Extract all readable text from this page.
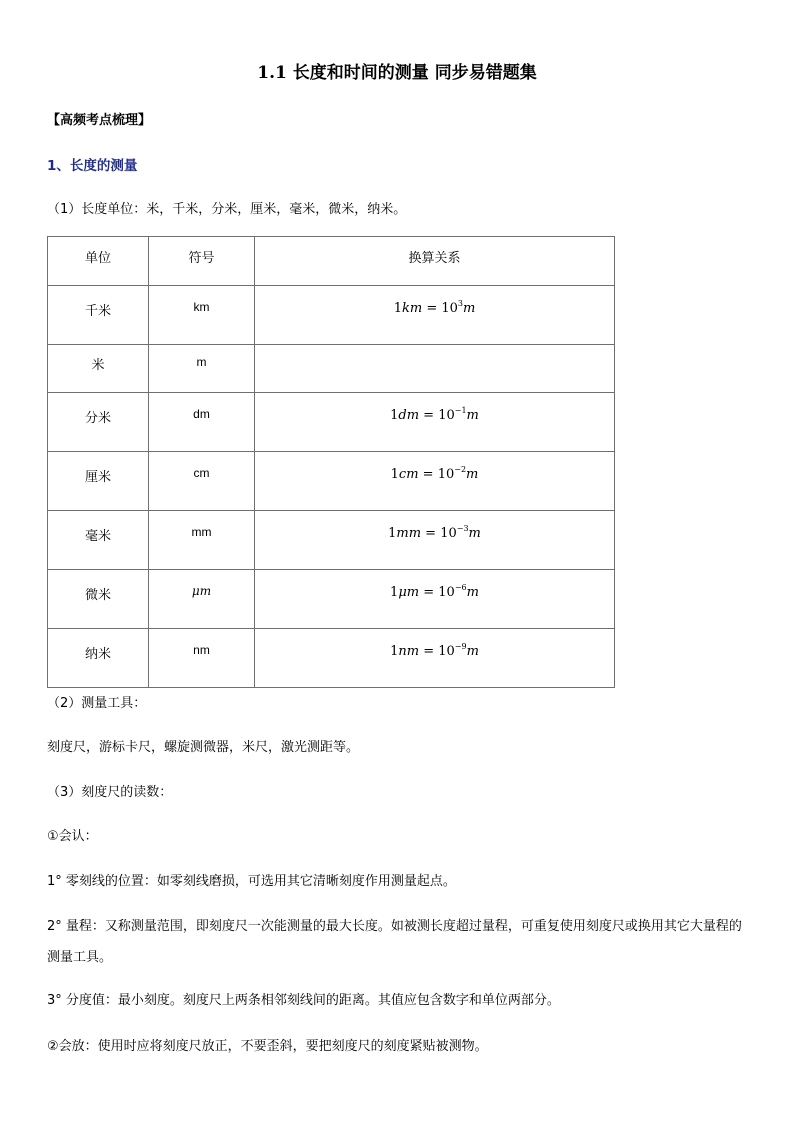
1.1 长度和时间的测量 同步易错题集
【高频考点梳理】
1、长度的测量
（1）长度单位：米，千米，分米，厘米，毫米，微米，纳米。
单位	符号	换算关系

千米	km	$1km = 10^3m$

米	m	

分米	dm	$1dm = 10^{-1}m$

厘米	cm	$1cm = 10^{-2}m$

毫米	mm	$1mm = 10^{-3}m$

微米	μm	$1\mu m = 10^{-6}m$

纳米	nm	$1nm = 10^{-9}m$
（2）测量工具：
刻度尺，游标卡尺，螺旋测微器，米尺，激光测距等。
（3）刻度尺的读数：
①会认：
1° 零刻线的位置：如零刻线磨损，可选用其它清晰刻度作用测量起点。
2° 量程：又称测量范围，即刻度尺一次能测量的最大长度。如被测长度超过量程，可重复使用刻度尺或换用其它大量程的测量工具。
3° 分度值：最小刻度。刻度尺上两条相邻刻线间的距离。其值应包含数字和单位两部分。
②会放：使用时应将刻度尺放正，不要歪斜，要把刻度尺的刻度紧贴被测物。
